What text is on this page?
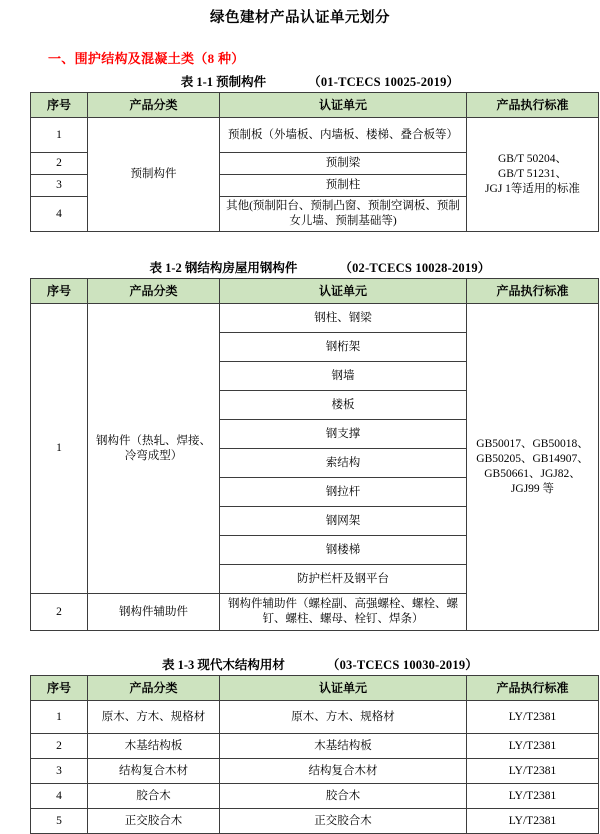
绿色建材产品认证单元划分
一、围护结构及混凝土类（8 种）
表 1-1 预制构件	（01-TCECS 10025-2019）
序号	产品分类	认证单元	产品执行标准
1	预制构件	预制板（外墙板、内墙板、楼梯、叠合板等）	GB/T 50204、
GB/T 51231、
JGJ 1等适用的标准
2		预制梁	
3		预制柱	
4		其他(预制阳台、预制凸窗、预制空调板、预制女儿墙、预制基础等)	
表 1-2 钢结构房屋用钢构件	（02-TCECS 10028-2019）
序号	产品分类	认证单元	产品执行标准
1	钢构件（热轧、焊接、冷弯成型）	钢柱、钢梁	GB50017、GB50018、
GB50205、GB14907、
GB50661、JGJ82、
JGJ99 等
		钢桁架	
		钢墙	
		楼板	
		钢支撑	
		索结构	
		钢拉杆	
		钢网架	
		钢楼梯	
		防护栏杆及钢平台	
2	钢构件辅助件	钢构件辅助件（螺栓副、高强螺栓、螺栓、螺钉、螺柱、螺母、栓钉、焊条）	
表 1-3 现代木结构用材	（03-TCECS 10030-2019）
序号	产品分类	认证单元	产品执行标准
1	原木、方木、规格材	原木、方木、规格材	LY/T2381
2	木基结构板	木基结构板	LY/T2381
3	结构复合木材	结构复合木材	LY/T2381
4	胶合木	胶合木	LY/T2381
5	正交胶合木	正交胶合木	LY/T2381
